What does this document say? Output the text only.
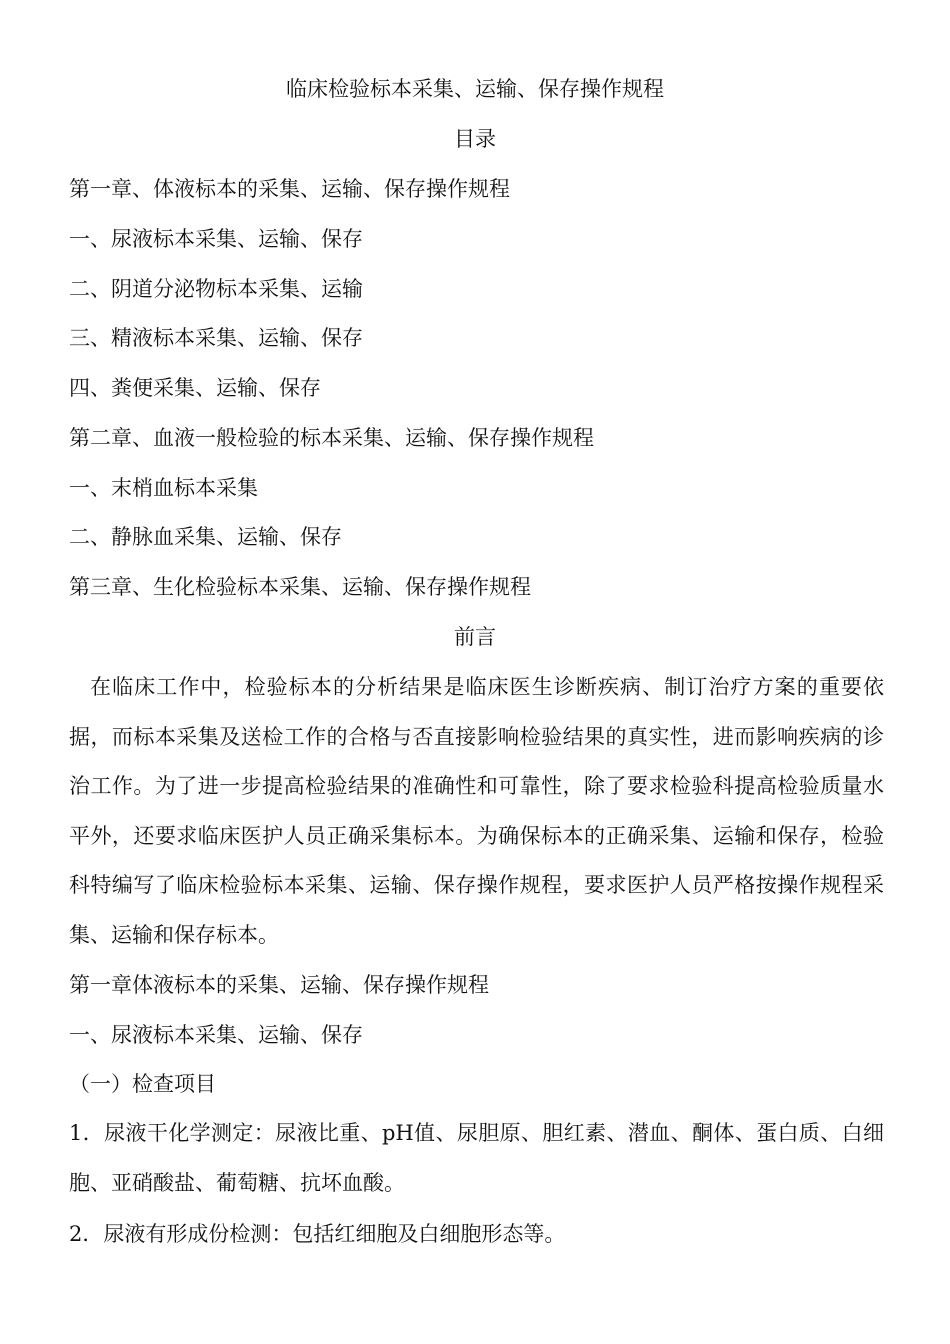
临床检验标本采集、运输、保存操作规程
目录
第一章、体液标本的采集、运输、保存操作规程
一、尿液标本采集、运输、保存
二、阴道分泌物标本采集、运输
三、精液标本采集、运输、保存
四、粪便采集、运输、保存
第二章、血液一般检验的标本采集、运输、保存操作规程
一、末梢血标本采集
二、静脉血采集、运输、保存
第三章、生化检验标本采集、运输、保存操作规程
前言
在临床工作中，检验标本的分析结果是临床医生诊断疾病、制订治疗方案的重要依据，而标本采集及送检工作的合格与否直接影响检验结果的真实性，进而影响疾病的诊治工作。为了进一步提高检验结果的准确性和可靠性，除了要求检验科提高检验质量水平外，还要求临床医护人员正确采集标本。为确保标本的正确采集、运输和保存，检验科特编写了临床检验标本采集、运输、保存操作规程，要求医护人员严格按操作规程采集、运输和保存标本。
第一章体液标本的采集、运输、保存操作规程
一、尿液标本采集、运输、保存
（一）检查项目
1．尿液干化学测定：尿液比重、pH值、尿胆原、胆红素、潜血、酮体、蛋白质、白细胞、亚硝酸盐、葡萄糖、抗坏血酸。
2．尿液有形成份检测：包括红细胞及白细胞形态等。
